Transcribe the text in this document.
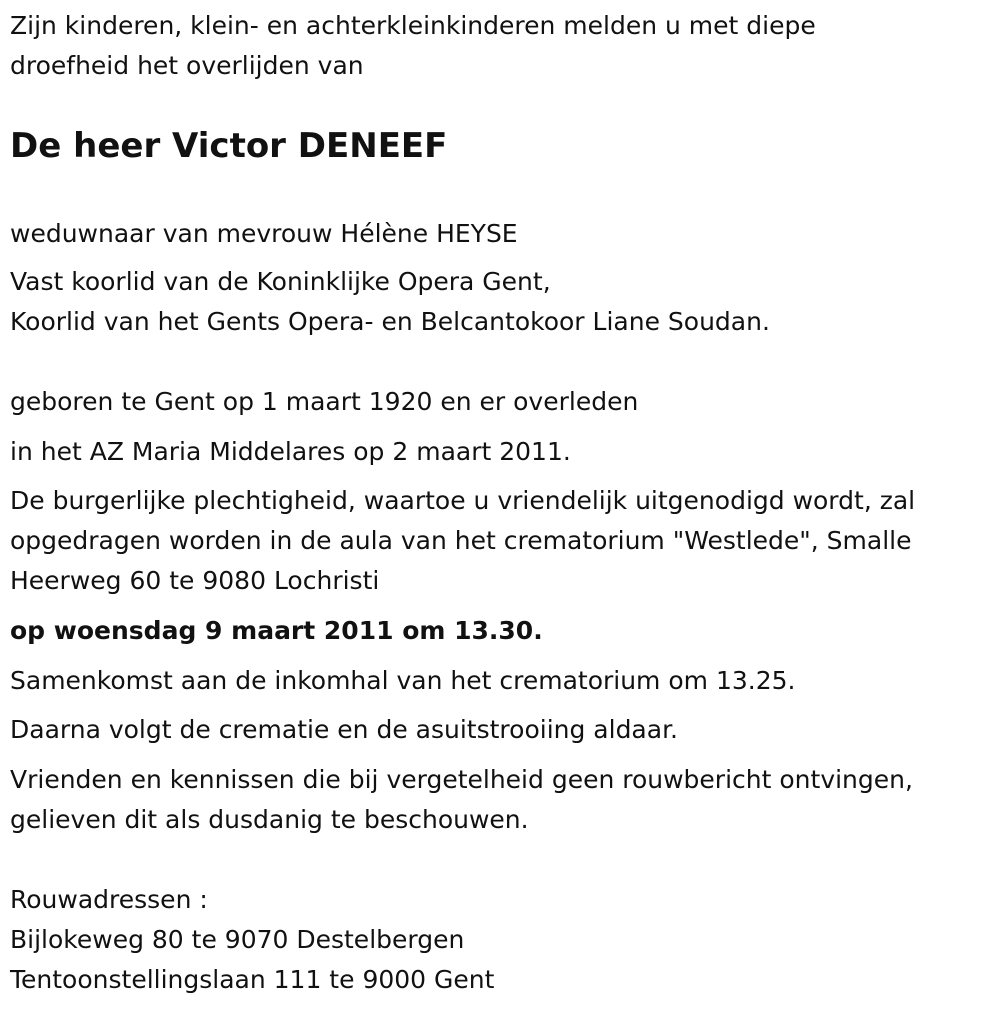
Zijn kinderen, klein- en achterkleinkinderen melden u met diepe
droefheid het overlijden van
De heer Victor DENEEF
weduwnaar van mevrouw Hélène HEYSE
Vast koorlid van de Koninklijke Opera Gent,
Koorlid van het Gents Opera- en Belcantokoor Liane Soudan.
geboren te Gent op 1 maart 1920 en er overleden
in het AZ Maria Middelares op 2 maart 2011.
De burgerlijke plechtigheid, waartoe u vriendelijk uitgenodigd wordt, zal
opgedragen worden in de aula van het crematorium "Westlede", Smalle
Heerweg 60 te 9080 Lochristi
op woensdag 9 maart 2011 om 13.30.
Samenkomst aan de inkomhal van het crematorium om 13.25.
Daarna volgt de crematie en de asuitstrooiing aldaar.
Vrienden en kennissen die bij vergetelheid geen rouwbericht ontvingen,
gelieven dit als dusdanig te beschouwen.
Rouwadressen :
Bijlokeweg 80 te 9070 Destelbergen
Tentoonstellingslaan 111 te 9000 Gent
